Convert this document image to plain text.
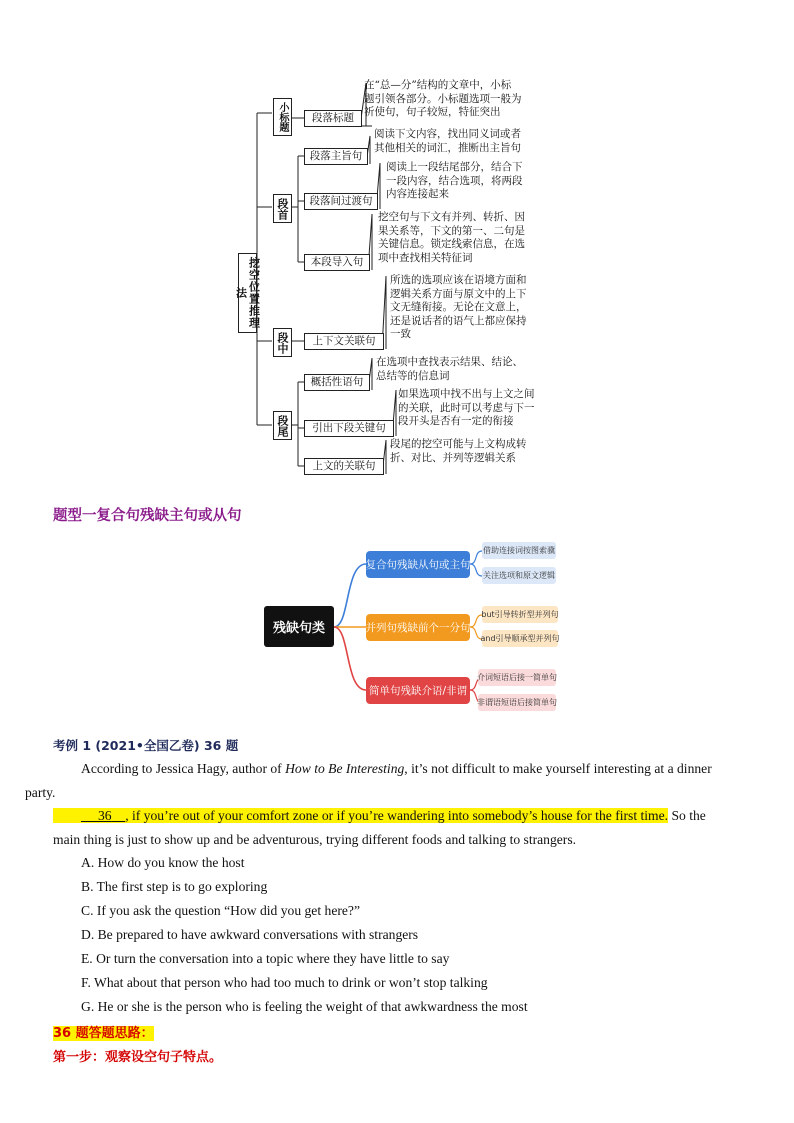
挖空位置推理法
小标题
段首
段中
段尾
段落标题
段落主旨句
段落间过渡句
本段导入句
上下文关联句
概括性语句
引出下段关键句
上文的关联句
在“总—分”结构的文章中，小标
题引领各部分。小标题选项一般为
祈使句，句子较短，特征突出
阅读下文内容，找出同义词或者
其他相关的词汇，推断出主旨句
阅读上一段结尾部分，结合下
一段内容，结合选项，将两段
内容连接起来
挖空句与下文有并列、转折、因
果关系等，下文的第一、二句是
关键信息。锁定线索信息，在选
项中查找相关特征词
所选的选项应该在语境方面和
逻辑关系方面与原文中的上下
文无缝衔接。无论在文意上，
还是说话者的语气上都应保持
一致
在选项中查找表示结果、结论、
总结等的信息词
如果选项中找不出与上文之间
的关联，此时可以考虑与下一
段开头是否有一定的衔接
段尾的挖空可能与上文构成转
折、对比、并列等逻辑关系
题型一复合句残缺主句或从句
残缺句类
复合句残缺从句或主句
并列句残缺前个一分句
简单句残缺介语/非谓
借助连接词按图索骥
关注选项和原文逻辑
but引导转折型并列句
and引导顺承型并列句
介词短语后接一简单句
非谓语短语后接简单句
考例 1 (2021•全国乙卷) 36 题
According to Jessica Hagy, author of How to Be Interesting, it’s not difficult to make yourself interesting at a dinner
party.
36 , if you’re out of your comfort zone or if you’re wandering into somebody’s house for the first time. So the
main thing is just to show up and be adventurous, trying different foods and talking to strangers.
A. How do you know the host
B. The first step is to go exploring
C. If you ask the question “How did you get here?”
D. Be prepared to have awkward conversations with strangers
E. Or turn the conversation into a topic where they have little to say
F. What about that person who had too much to drink or won’t stop talking
G. He or she is the person who is feeling the weight of that awkwardness the most
36 题答题思路：
第一步：观察设空句子特点。
